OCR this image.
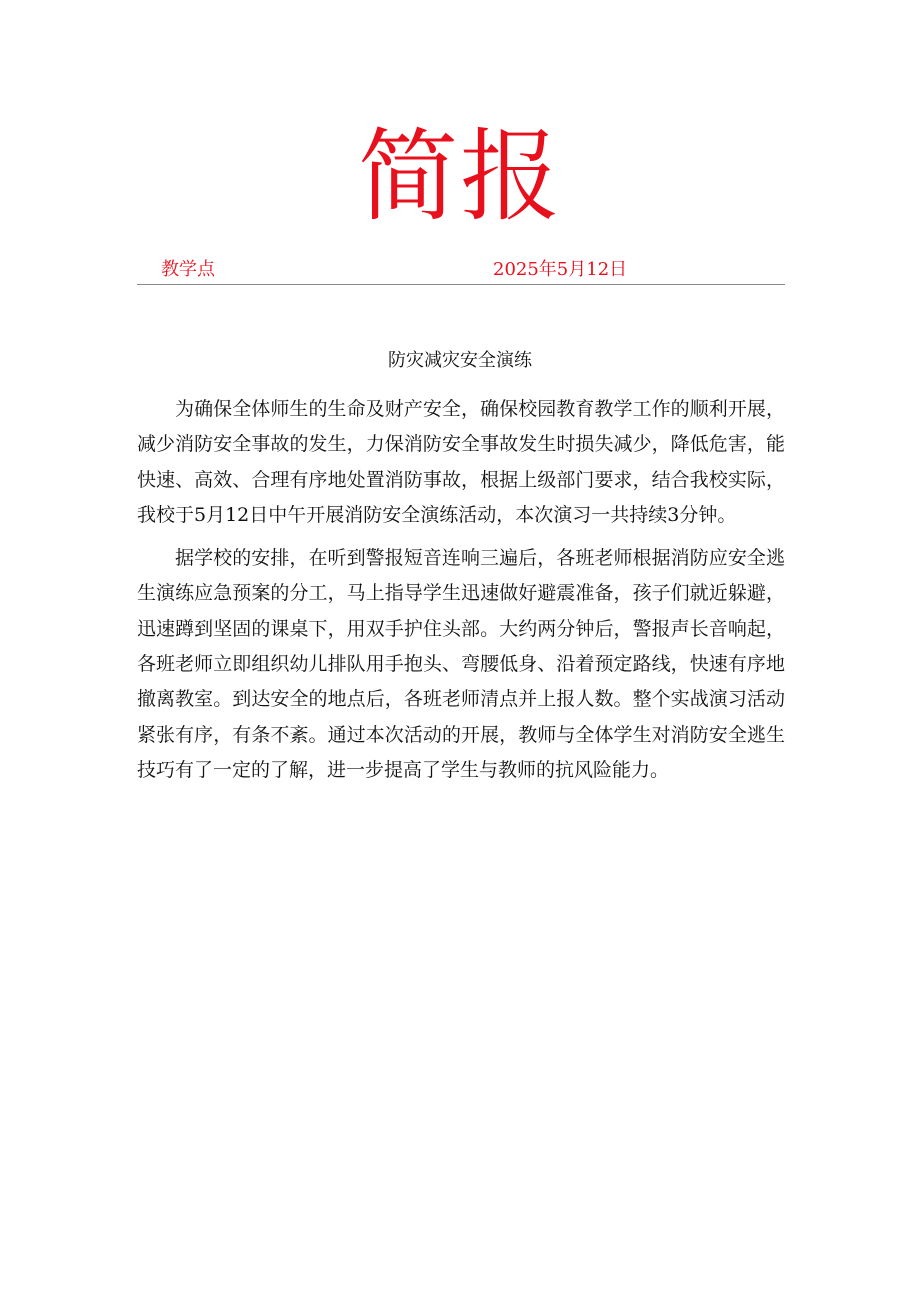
简报
教学点	2025年5月12日
防灾减灾安全演练

为确保全体师生的生命及财产安全，确保校园教育教学工作的顺利开展，减少消防安全事故的发生，力保消防安全事故发生时损失减少，降低危害，能快速、高效、合理有序地处置消防事故，根据上级部门要求，结合我校实际，我校于5月12日中午开展消防安全演练活动，本次演习一共持续3分钟。

据学校的安排，在听到警报短音连响三遍后，各班老师根据消防应安全逃生演练应急预案的分工，马上指导学生迅速做好避震准备，孩子们就近躲避，迅速蹲到坚固的课桌下，用双手护住头部。大约两分钟后，警报声长音响起，各班老师立即组织幼儿排队用手抱头、弯腰低身、沿着预定路线，快速有序地撤离教室。到达安全的地点后，各班老师清点并上报人数。整个实战演习活动紧张有序，有条不紊。通过本次活动的开展，教师与全体学生对消防安全逃生技巧有了一定的了解，进一步提高了学生与教师的抗风险能力。
